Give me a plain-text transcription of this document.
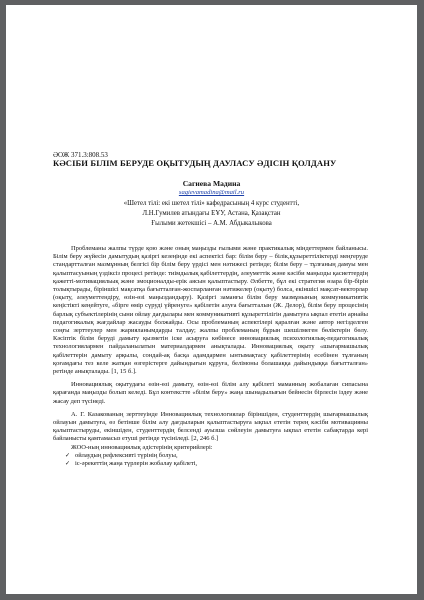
ӘОЖ 371.3:808.53
КӘСІБИ БІЛІМ БЕРУДЕ ОҚЫТУДЫҢ ДАУЛАСУ ӘДІСІН ҚОЛДАНУ
Сагиева Мадина
sagievamadina@mail.ru
«Шетел тілі: екі шетел тілі» кафедрасының 4 курс студенттi,
Л.Н.Гумилев атындағы ЕҰУ, Астана, Қазақстан
Ғылыми жетекшісі – А.М. Абдыкалыкова

Проблеманы жалпы түрде қою және оның маңызды ғылыми және практикалық міндеттермен байланысы. Білім беру жүйесін дамытудың қазіргі кезеңінде екі аспектісі бар: білім беру – білік,құзыреттiлiктерді меңгеруде стандартталған мазмұнның белгісі бір білім беру үрдісі мен нәтижесі ретінде; білім беру – тұлғаның дамуы мен қалыптасуының үздіксіз процесі ретінде: тиімдылық қабілеттердің, әлеуметтік және кәсіби маңызды қасиеттердің қажетті-мотивацияльық және эмоционалды-ерік аясын қалыптастыру. Әлбетте, бұл екі стратегия өзара бір-бірін толықтырады, біріншісі мақсатқа бағытталған-жоспарланған нәтижелер (оқыту) болса, екіншісі мақсат-векторлар (оқыту, әлеуметтендіру, өзін-өзі маңыздандыру). Қазіргі заманғы білім беру мазмұнының коммуникативтік кеңістікті кеңейтуге, «бірге өмір сүруді үйренуге» қабілетін алуға бағытталын (Ж. Делор), білім беру процесінің барлық субъектілерінің сыни ойлау дағдылары мен коммуникативті құзыреттiлiгiн дамытуға ықпал ететін арнайы педагогикалық жағдайлар жасауды болжайды. Осы проблеманың аспектілері қаралған және автор негізделген соңғы зерттеулер мен жарияланымдарды талдау; жалпы проблеманың бұрын шешілмеген бөліктерін бөлу. Кәсіптік білім беруді дамыту қызметін іске асыруға көбінесе инновациялық психологиялық-педагогикалық технологиялармен пайдаланылатын материалдармен анықталады. Инновациялық оқыту «шығармашылық қабілеттерін дамыту арқылы, сондай-ақ басқа адамдармен ынтымақтасу қабілеттерінің есебінен тұлғаның қоғамдағы тез келе жатқан өзгерістерге дайындығын құруға, белімоны болашаққа дайындыққа бағытталған» ретінде анықталады. [1, 15 б.].

Инновациялық оқытудағы өзін-өзі дамыту, өзін-өзі білім алу қабілеті маманның жобалаған сипасына қарағанда маңызды болып келеді. Бұл контекстте «білім беру» жаңа шынадылығын бейнесін бірлесін іздеу және жасау деп түсінеді.

А. Г. Казакованың зерттеуінде Инновациялық технологиялар біріншіден, студенттердің шығармашылық ойлауын дамытуға, өз бетінше білім алу дағдыларын қалыптастыруға ықпал ететін терең кәсіби мотивацияны қалыптастыруды, екіншіден, студенттердің белсенді ауызша сөйлеуін дамытуға ықпал ететін сабақтарда кері байланысты қамтамасыз етуші ретінде түсініледі. [2, 246 б.]

ЖОО-ның инновациялық әдістерінің критерийлері:

✓ ойлаудың рефлексивті түрінің болуы,
✓ іс-әрекеттің жаңа түрлерін жобалау қабілеті,
